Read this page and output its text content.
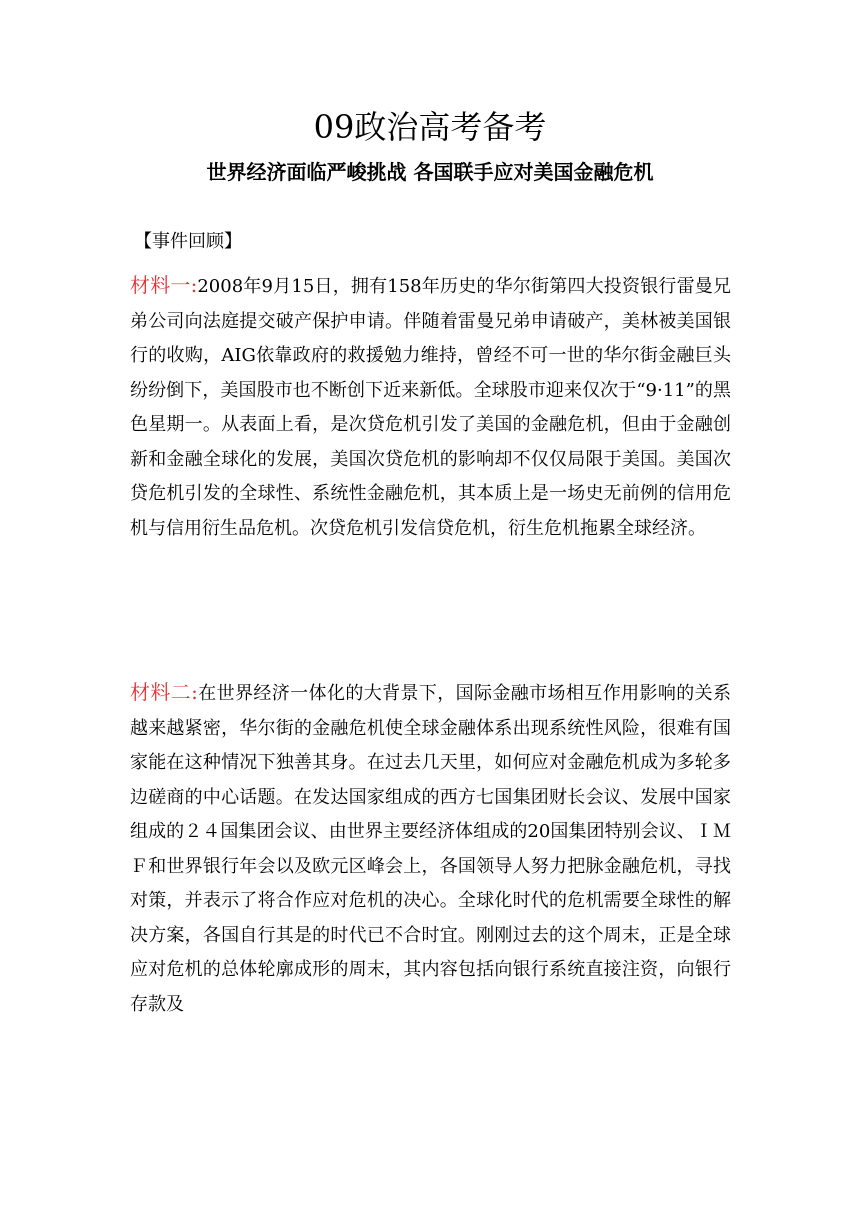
09政治高考备考
世界经济面临严峻挑战 各国联手应对美国金融危机

【事件回顾】

材料一:2008年9月15日，拥有158年历史的华尔街第四大投资银行雷曼兄弟公司向法庭提交破产保护申请。伴随着雷曼兄弟申请破产，美林被美国银行的收购，AIG依靠政府的救援勉力维持，曾经不可一世的华尔街金融巨头纷纷倒下，美国股市也不断创下近来新低。全球股市迎来仅次于“9·11”的黑色星期一。从表面上看，是次贷危机引发了美国的金融危机，但由于金融创新和金融全球化的发展，美国次贷危机的影响却不仅仅局限于美国。美国次贷危机引发的全球性、系统性金融危机，其本质上是一场史无前例的信用危机与信用衍生品危机。次贷危机引发信贷危机，衍生危机拖累全球经济。

材料二:在世界经济一体化的大背景下，国际金融市场相互作用影响的关系越来越紧密，华尔街的金融危机使全球金融体系出现系统性风险，很难有国家能在这种情况下独善其身。在过去几天里，如何应对金融危机成为多轮多边磋商的中心话题。在发达国家组成的西方七国集团财长会议、发展中国家组成的２４国集团会议、由世界主要经济体组成的20国集团特别会议、ＩＭＦ和世界银行年会以及欧元区峰会上，各国领导人努力把脉金融危机，寻找对策，并表示了将合作应对危机的决心。全球化时代的危机需要全球性的解决方案，各国自行其是的时代已不合时宜。刚刚过去的这个周末，正是全球应对危机的总体轮廓成形的周末，其内容包括向银行系统直接注资，向银行存款及
